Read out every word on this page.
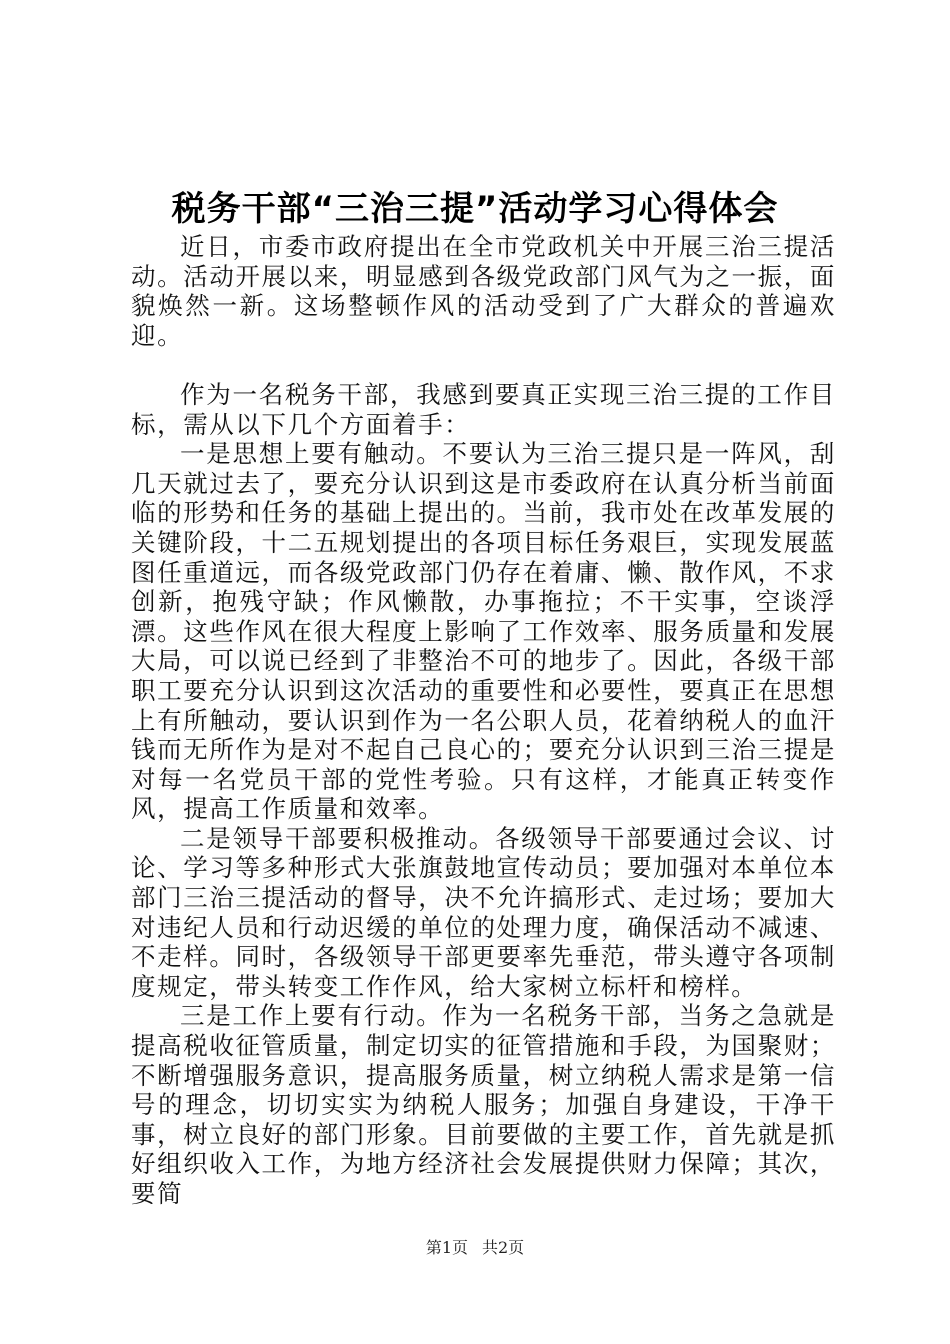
税务干部“三治三提”活动学习心得体会

近日，市委市政府提出在全市党政机关中开展三治三提活动。活动开展以来，明显感到各级党政部门风气为之一振，面貌焕然一新。这场整顿作风的活动受到了广大群众的普遍欢迎。

作为一名税务干部，我感到要真正实现三治三提的工作目标，需从以下几个方面着手：

一是思想上要有触动。不要认为三治三提只是一阵风，刮几天就过去了，要充分认识到这是市委政府在认真分析当前面临的形势和任务的基础上提出的。当前，我市处在改革发展的关键阶段，十二五规划提出的各项目标任务艰巨，实现发展蓝图任重道远，而各级党政部门仍存在着庸、懒、散作风，不求创新，抱残守缺；作风懒散，办事拖拉；不干实事，空谈浮漂。这些作风在很大程度上影响了工作效率、服务质量和发展大局，可以说已经到了非整治不可的地步了。因此，各级干部职工要充分认识到这次活动的重要性和必要性，要真正在思想上有所触动，要认识到作为一名公职人员，花着纳税人的血汗钱而无所作为是对不起自己良心的；要充分认识到三治三提是对每一名党员干部的党性考验。只有这样，才能真正转变作风，提高工作质量和效率。

二是领导干部要积极推动。各级领导干部要通过会议、讨论、学习等多种形式大张旗鼓地宣传动员；要加强对本单位本部门三治三提活动的督导，决不允许搞形式、走过场；要加大对违纪人员和行动迟缓的单位的处理力度，确保活动不减速、不走样。同时，各级领导干部更要率先垂范，带头遵守各项制度规定，带头转变工作作风，给大家树立标杆和榜样。

三是工作上要有行动。作为一名税务干部，当务之急就是提高税收征管质量，制定切实的征管措施和手段，为国聚财；不断增强服务意识，提高服务质量，树立纳税人需求是第一信号的理念，切切实实为纳税人服务；加强自身建设，干净干事，树立良好的部门形象。目前要做的主要工作，首先就是抓好组织收入工作，为地方经济社会发展提供财力保障；其次，要简

第1页 共2页
